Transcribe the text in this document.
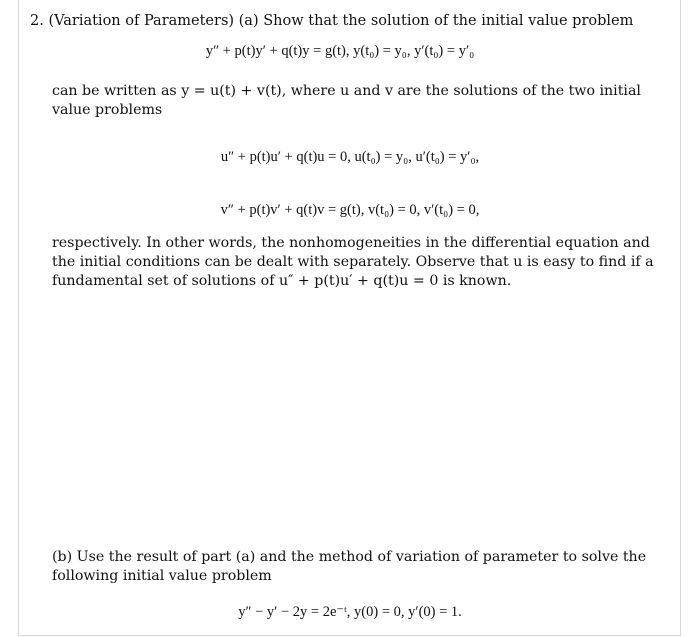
2. (Variation of Parameters) (a) Show that the solution of the initial value problem
y″ + p(t)y′ + q(t)y = g(t), y(t₀) = y₀, y′(t₀) = y′₀
can be written as y = u(t) + v(t), where u and v are the solutions of the two initial value problems
u″ + p(t)u′ + q(t)u = 0, u(t₀) = y₀, u′(t₀) = y′₀,
v″ + p(t)v′ + q(t)v = g(t), v(t₀) = 0, v′(t₀) = 0,
respectively. In other words, the nonhomogeneities in the differential equation and the initial conditions can be dealt with separately. Observe that u is easy to find if a fundamental set of solutions of u″ + p(t)u′ + q(t)u = 0 is known.
(b) Use the result of part (a) and the method of variation of parameter to solve the following initial value problem
y″ − y′ − 2y = 2e⁻ᵗ, y(0) = 0, y′(0) = 1.
